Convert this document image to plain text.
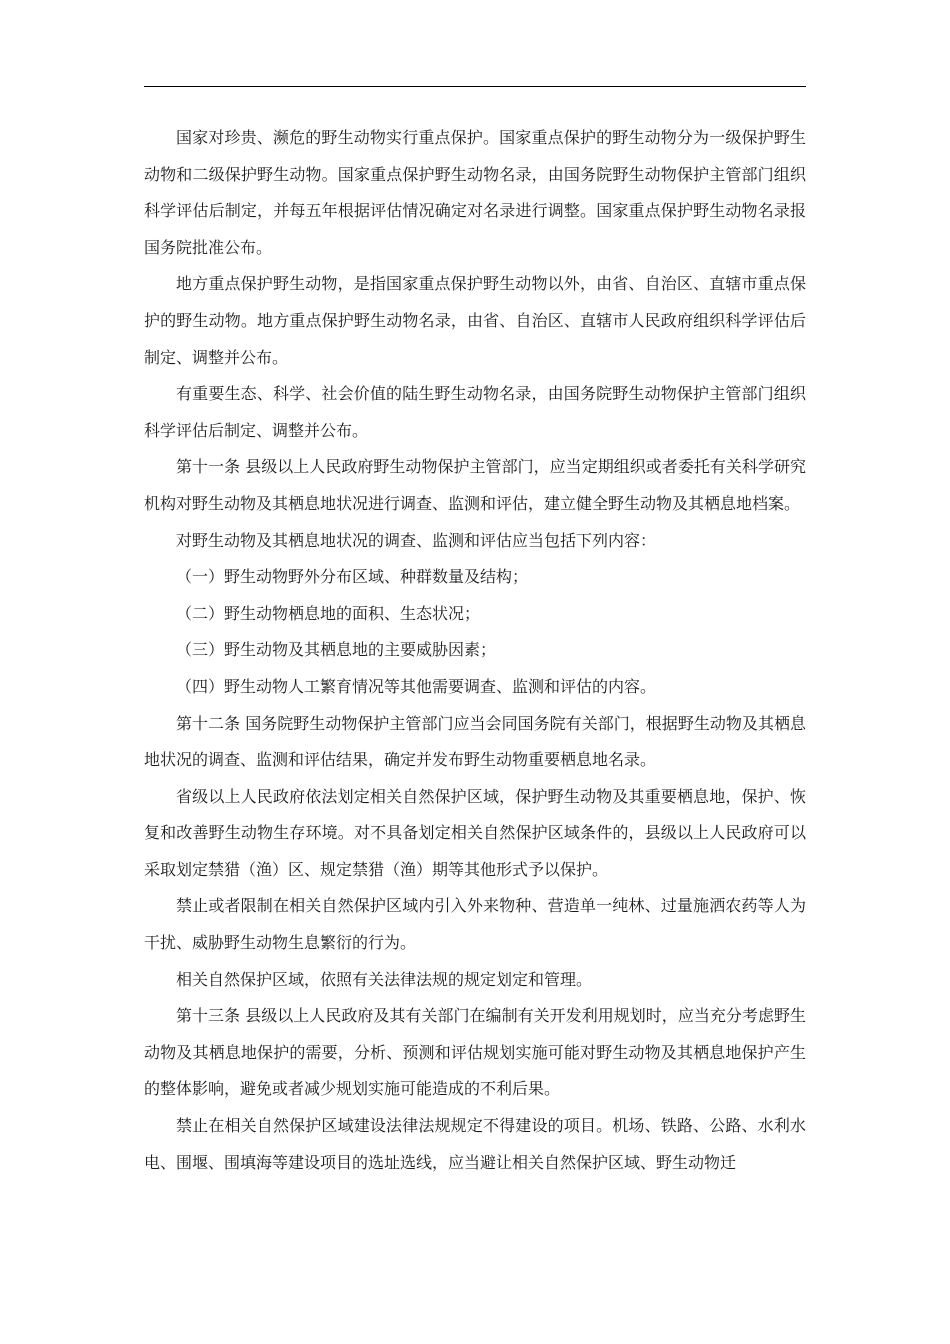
国家对珍贵、濒危的野生动物实行重点保护。国家重点保护的野生动物分为一级保护野生动物和二级保护野生动物。国家重点保护野生动物名录，由国务院野生动物保护主管部门组织科学评估后制定，并每五年根据评估情况确定对名录进行调整。国家重点保护野生动物名录报国务院批准公布。

地方重点保护野生动物，是指国家重点保护野生动物以外，由省、自治区、直辖市重点保护的野生动物。地方重点保护野生动物名录，由省、自治区、直辖市人民政府组织科学评估后制定、调整并公布。

有重要生态、科学、社会价值的陆生野生动物名录，由国务院野生动物保护主管部门组织科学评估后制定、调整并公布。

第十一条 县级以上人民政府野生动物保护主管部门，应当定期组织或者委托有关科学研究机构对野生动物及其栖息地状况进行调查、监测和评估，建立健全野生动物及其栖息地档案。

对野生动物及其栖息地状况的调查、监测和评估应当包括下列内容：

（一）野生动物野外分布区域、种群数量及结构；

（二）野生动物栖息地的面积、生态状况；

（三）野生动物及其栖息地的主要威胁因素；

（四）野生动物人工繁育情况等其他需要调查、监测和评估的内容。

第十二条 国务院野生动物保护主管部门应当会同国务院有关部门，根据野生动物及其栖息地状况的调查、监测和评估结果，确定并发布野生动物重要栖息地名录。

省级以上人民政府依法划定相关自然保护区域，保护野生动物及其重要栖息地，保护、恢复和改善野生动物生存环境。对不具备划定相关自然保护区域条件的，县级以上人民政府可以采取划定禁猎（渔）区、规定禁猎（渔）期等其他形式予以保护。

禁止或者限制在相关自然保护区域内引入外来物种、营造单一纯林、过量施洒农药等人为干扰、威胁野生动物生息繁衍的行为。

相关自然保护区域，依照有关法律法规的规定划定和管理。

第十三条 县级以上人民政府及其有关部门在编制有关开发利用规划时，应当充分考虑野生动物及其栖息地保护的需要，分析、预测和评估规划实施可能对野生动物及其栖息地保护产生的整体影响，避免或者减少规划实施可能造成的不利后果。

禁止在相关自然保护区域建设法律法规规定不得建设的项目。机场、铁路、公路、水利水电、围堰、围填海等建设项目的选址选线，应当避让相关自然保护区域、野生动物迁
